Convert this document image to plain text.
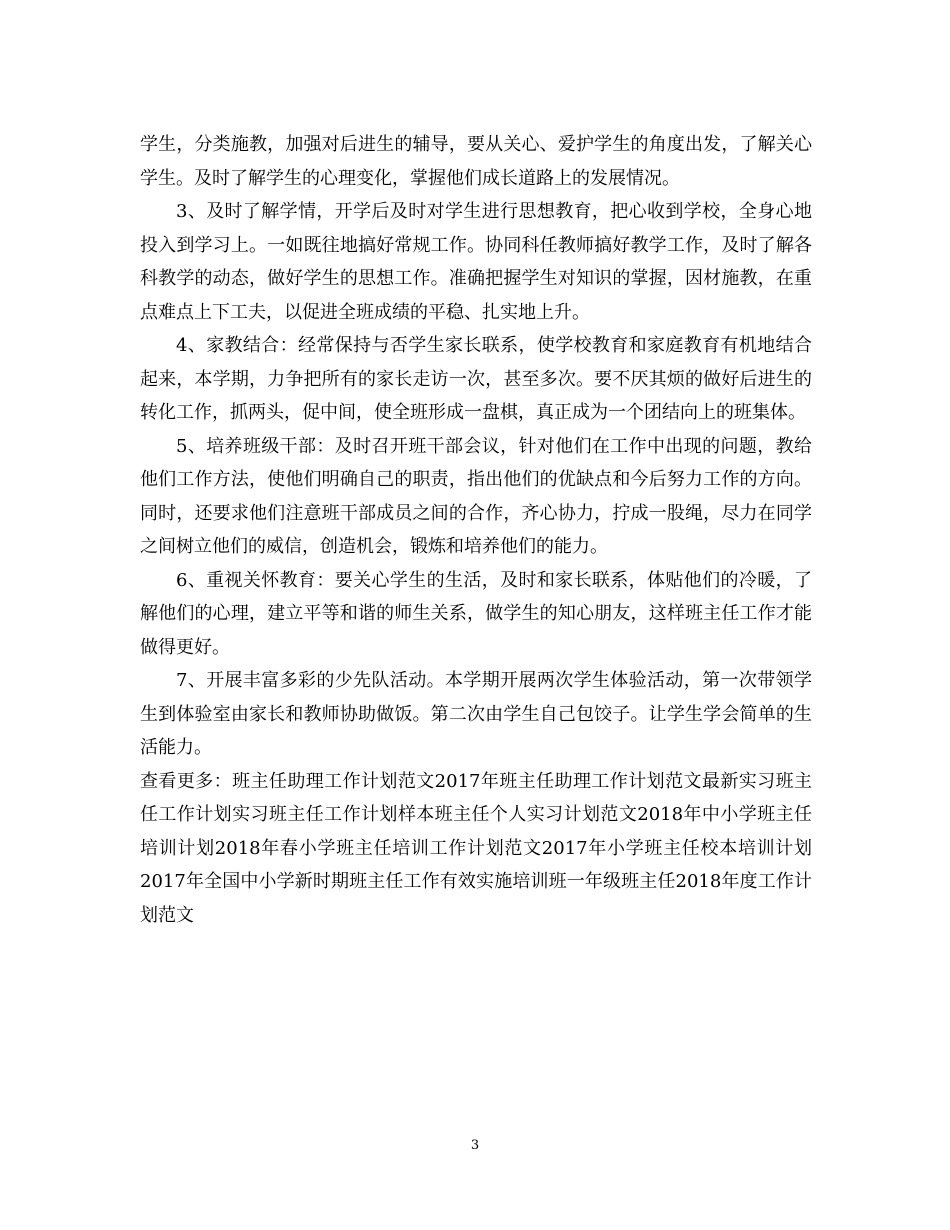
学生，分类施教，加强对后进生的辅导，要从关心、爱护学生的角度出发，了解关心学生。及时了解学生的心理变化，掌握他们成长道路上的发展情况。

3、及时了解学情，开学后及时对学生进行思想教育，把心收到学校，全身心地投入到学习上。一如既往地搞好常规工作。协同科任教师搞好教学工作，及时了解各科教学的动态，做好学生的思想工作。准确把握学生对知识的掌握，因材施教，在重点难点上下工夫，以促进全班成绩的平稳、扎实地上升。

4、家教结合：经常保持与否学生家长联系，使学校教育和家庭教育有机地结合起来，本学期，力争把所有的家长走访一次，甚至多次。要不厌其烦的做好后进生的转化工作，抓两头，促中间，使全班形成一盘棋，真正成为一个团结向上的班集体。

5、培养班级干部：及时召开班干部会议，针对他们在工作中出现的问题，教给他们工作方法，使他们明确自己的职责，指出他们的优缺点和今后努力工作的方向。同时，还要求他们注意班干部成员之间的合作，齐心协力，拧成一股绳，尽力在同学之间树立他们的威信，创造机会，锻炼和培养他们的能力。

6、重视关怀教育：要关心学生的生活，及时和家长联系，体贴他们的冷暖，了解他们的心理，建立平等和谐的师生关系，做学生的知心朋友，这样班主任工作才能做得更好。

7、开展丰富多彩的少先队活动。本学期开展两次学生体验活动，第一次带领学生到体验室由家长和教师协助做饭。第二次由学生自己包饺子。让学生学会简单的生活能力。

查看更多：班主任助理工作计划范文2017年班主任助理工作计划范文最新实习班主任工作计划实习班主任工作计划样本班主任个人实习计划范文2018年中小学班主任培训计划2018年春小学班主任培训工作计划范文2017年小学班主任校本培训计划2017年全国中小学新时期班主任工作有效实施培训班一年级班主任2018年度工作计划范文

3
